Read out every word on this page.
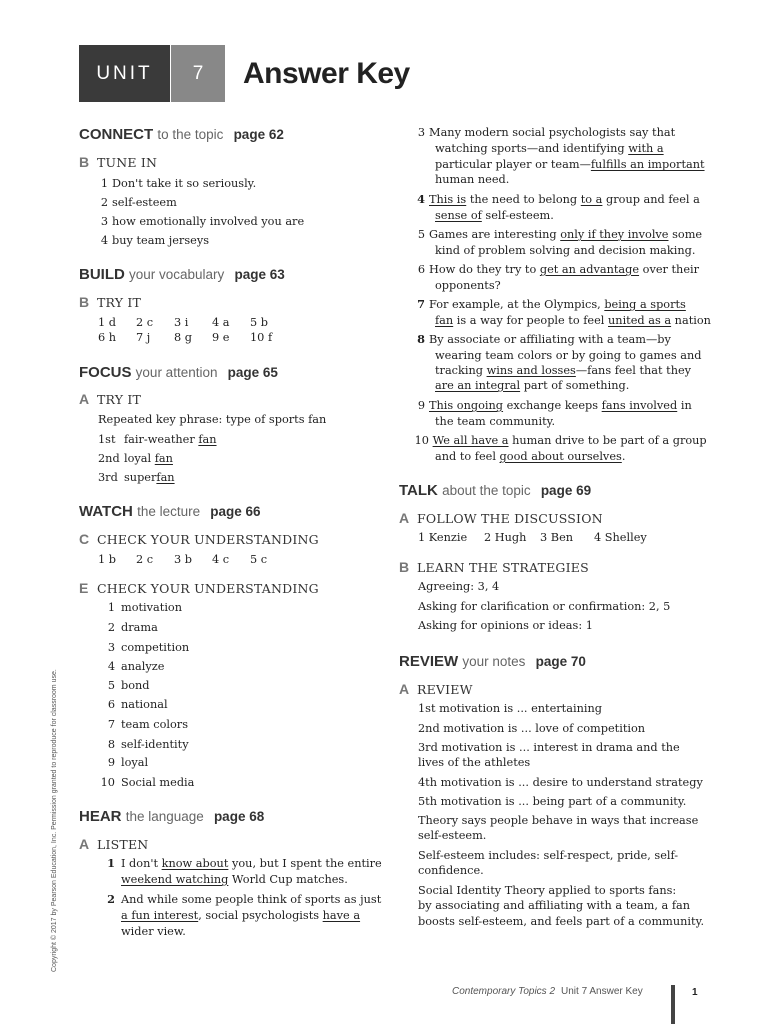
UNIT	7	Answer Key
CONNECT to the topic page 62
B TUNE IN
1 Don't take it so seriously.
2 self-esteem
3 how emotionally involved you are
4 buy team jerseys
BUILD your vocabulary page 63
B TRY IT
1 d 2 c 3 i 4 a 5 b
6 h 7 j 8 g 9 e 10 f
FOCUS your attention page 65
A TRY IT
Repeated key phrase: type of sports fan
1st fair-weather fan
2nd loyal fan
3rd superfan
WATCH the lecture page 66
C CHECK YOUR UNDERSTANDING
1 b 2 c 3 b 4 c 5 c
E CHECK YOUR UNDERSTANDING
1 motivation
2 drama
3 competition
4 analyze
5 bond
6 national
7 team colors
8 self-identity
9 loyal
10 Social media
HEAR the language page 68
A LISTEN
1 I don't know about you, but I spent the entire
weekend watching World Cup matches.
2 And while some people think of sports as just
a fun interest, social psychologists have a
wider view.
3 Many modern social psychologists say that
watching sports—and identifying with a
particular player or team—fulfills an important
human need.
4 This is the need to belong to a group and feel a
sense of self-esteem.
5 Games are interesting only if they involve some
kind of problem solving and decision making.
6 How do they try to get an advantage over their
opponents?
7 For example, at the Olympics, being a sports
fan is a way for people to feel united as a nation
8 By associate or affiliating with a team—by
wearing team colors or by going to games and
tracking wins and losses—fans feel that they
are an integral part of something.
9 This ongoing exchange keeps fans involved in
the team community.
10 We all have a human drive to be part of a group
and to feel good about ourselves.
TALK about the topic page 69
A FOLLOW THE DISCUSSION
1 Kenzie 2 Hugh 3 Ben 4 Shelley
B LEARN THE STRATEGIES
Agreeing: 3, 4
Asking for clarification or confirmation: 2, 5
Asking for opinions or ideas: 1
REVIEW your notes page 70
A REVIEW
1st motivation is ... entertaining
2nd motivation is ... love of competition
3rd motivation is ... interest in drama and the
lives of the athletes
4th motivation is ... desire to understand strategy
5th motivation is ... being part of a community.
Theory says people behave in ways that increase
self-esteem.
Self-esteem includes: self-respect, pride, self-
confidence.
Social Identity Theory applied to sports fans:
by associating and affiliating with a team, a fan
boosts self-esteem, and feels part of a community.
Copyright © 2017 by Pearson Education, Inc. Permission granted to reproduce for classroom use.
Contemporary Topics 2 Unit 7 Answer Key	1
